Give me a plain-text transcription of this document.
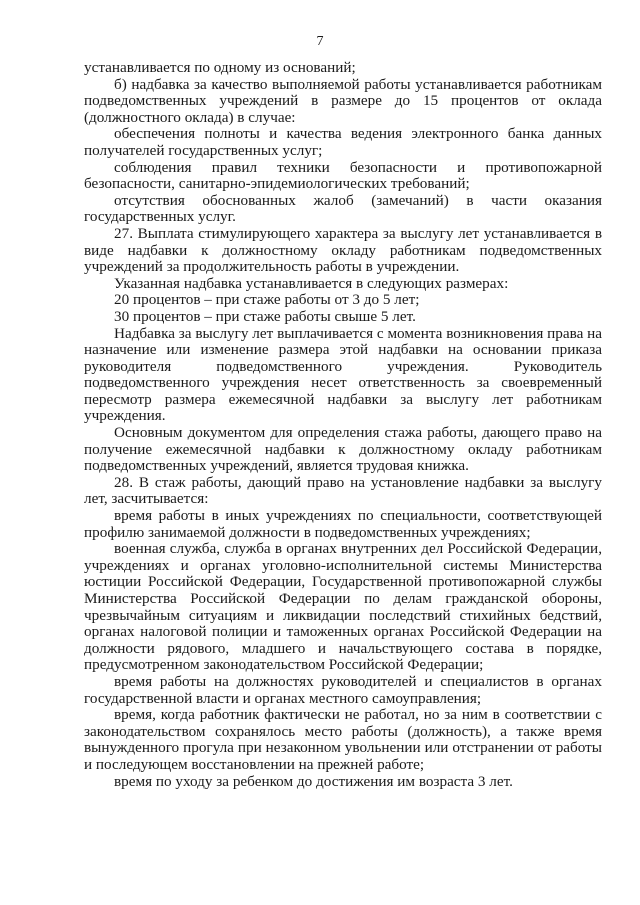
7

устанавливается по одному из оснований;

б) надбавка за качество выполняемой работы устанавливается работникам подведомственных учреждений в размере до 15 процентов от оклада (должностного оклада) в случае:

обеспечения полноты и качества ведения электронного банка данных получателей государственных услуг;

соблюдения правил техники безопасности и противопожарной безопасности, санитарно-эпидемиологических требований;

отсутствия обоснованных жалоб (замечаний) в части оказания государственных услуг.

27. Выплата стимулирующего характера за выслугу лет устанавливается в виде надбавки к должностному окладу работникам подведомственных учреждений за продолжительность работы в учреждении.

Указанная надбавка устанавливается в следующих размерах:

20 процентов – при стаже работы от 3 до 5 лет;

30 процентов – при стаже работы свыше 5 лет.

Надбавка за выслугу лет выплачивается с момента возникновения права на назначение или изменение размера этой надбавки на основании приказа руководителя подведомственного учреждения. Руководитель подведомственного учреждения несет ответственность за своевременный пересмотр размера ежемесячной надбавки за выслугу лет работникам учреждения.

Основным документом для определения стажа работы, дающего право на получение ежемесячной надбавки к должностному окладу работникам подведомственных учреждений, является трудовая книжка.

28. В стаж работы, дающий право на установление надбавки за выслугу лет, засчитывается:

время работы в иных учреждениях по специальности, соответствующей профилю занимаемой должности в подведомственных учреждениях;

военная служба, служба в органах внутренних дел Российской Федерации, учреждениях и органах уголовно-исполнительной системы Министерства юстиции Российской Федерации, Государственной противопожарной службы Министерства Российской Федерации по делам гражданской обороны, чрезвычайным ситуациям и ликвидации последствий стихийных бедствий, органах налоговой полиции и таможенных органах Российской Федерации на должности рядового, младшего и начальствующего состава в порядке, предусмотренном законодательством Российской Федерации;

время работы на должностях руководителей и специалистов в органах государственной власти и органах местного самоуправления;

время, когда работник фактически не работал, но за ним в соответствии с законодательством сохранялось место работы (должность), а также время вынужденного прогула при незаконном увольнении или отстранении от работы и последующем восстановлении на прежней работе;

время по уходу за ребенком до достижения им возраста 3 лет.
